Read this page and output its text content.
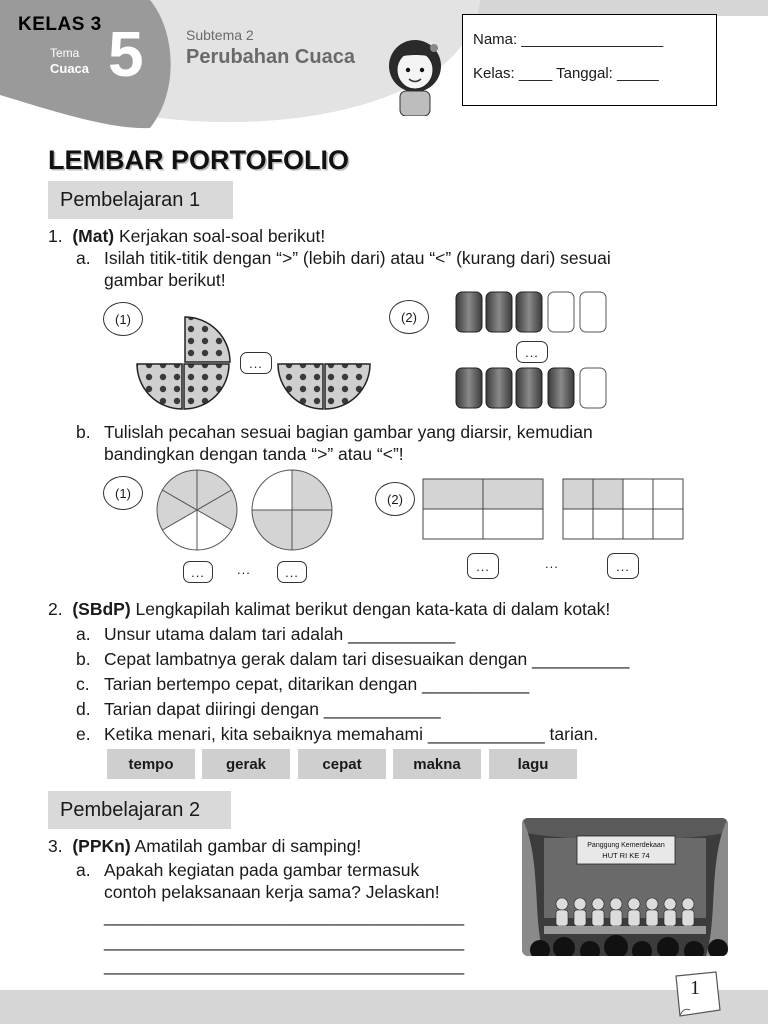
KELAS 3
Tema
Cuaca 5	Subtema 2
Perubahan Cuaca
Nama: _________________
Kelas: ____ Tanggal: _____
LEMBAR PORTOFOLIO
Pembelajaran 1
1. (Mat) Kerjakan soal-soal berikut!
a. Isilah titik-titik dengan “>” (lebih dari) atau “<” (kurang dari) sesuai
gambar berikut!
(1)
...
(2)
...
b. Tulislah pecahan sesuai bagian gambar yang diarsir, kemudian
bandingkan dengan tanda “>” atau “<”!
(1)
...	...	...
(2)
...	...	...
2. (SBdP) Lengkapilah kalimat berikut dengan kata-kata di dalam kotak!
a. Unsur utama dalam tari adalah ___________
b. Cepat lambatnya gerak dalam tari disesuaikan dengan __________
c. Tarian bertempo cepat, ditarikan dengan ___________
d. Tarian dapat diiringi dengan ____________
e. Ketika menari, kita sebaiknya memahami ____________ tarian.
tempo	gerak	cepat	makna	lagu
Pembelajaran 2
3. (PPKn) Amatilah gambar di samping!
a. Apakah kegiatan pada gambar termasuk
contoh pelaksanaan kerja sama? Jelaskan!
_____________________________________
_____________________________________
_____________________________________
Panggung Kemerdekaan
HUT RI KE 74
1
